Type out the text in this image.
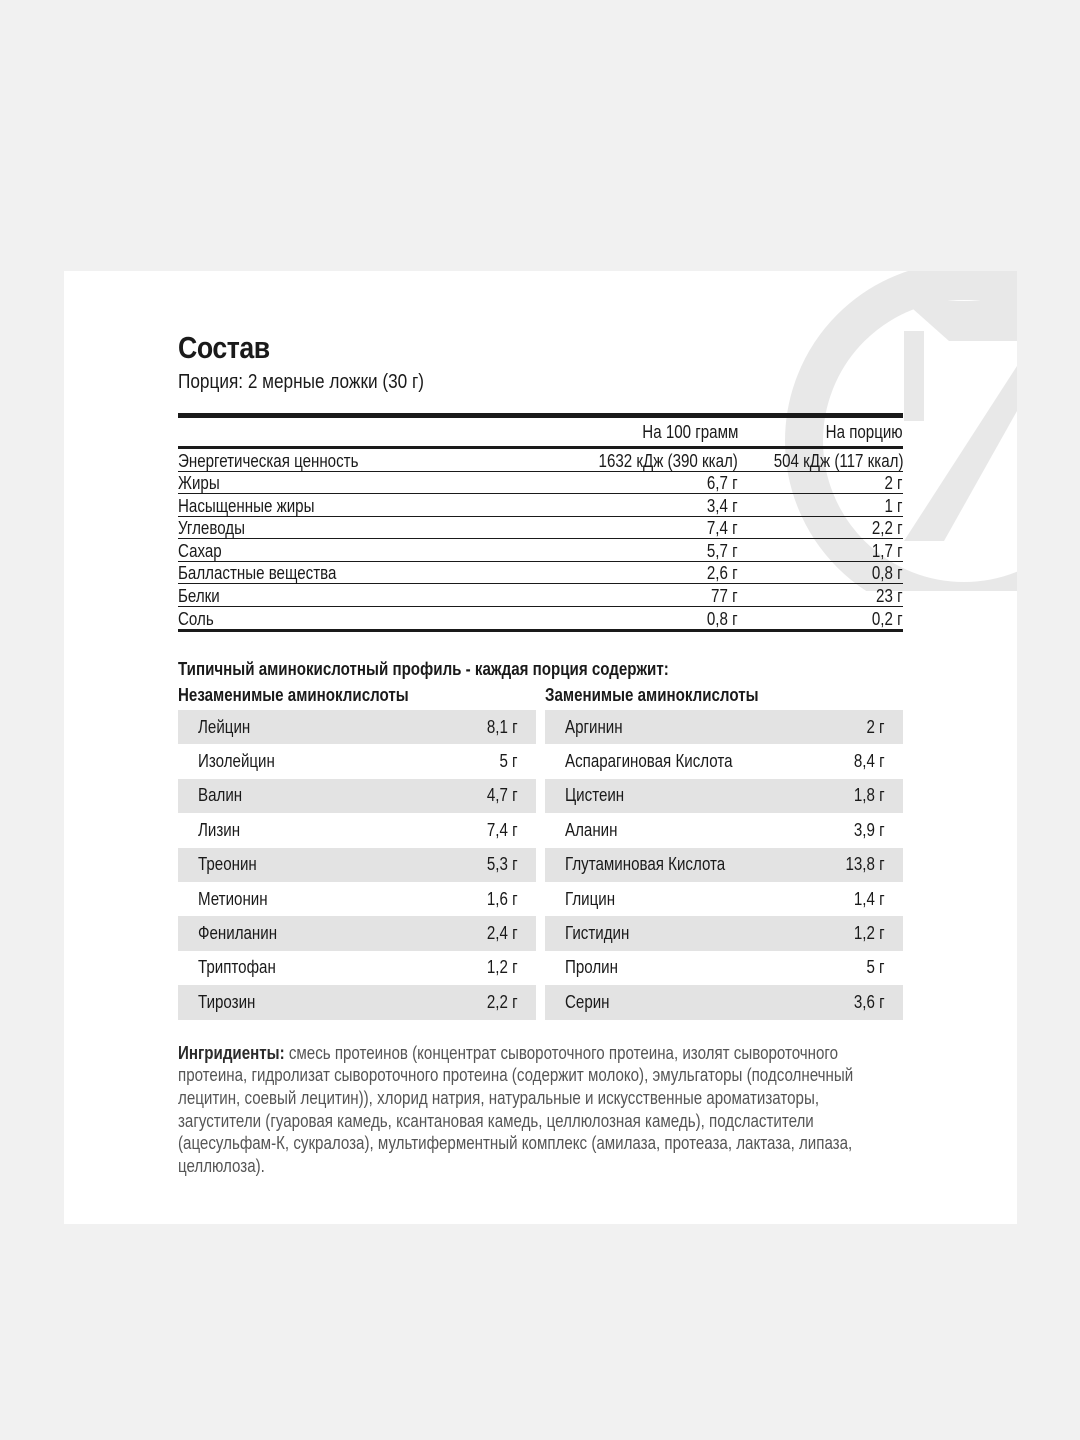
Состав
Порция: 2 мерные ложки (30 г)
На 100 грамм	На порцию
Энергетическая ценность	1632 кДж (390 ккал)	504 кДж (117 ккал)
Жиры	6,7 г	2 г
Насыщенные жиры	3,4 г	1 г
Углеводы	7,4 г	2,2 г
Сахар	5,7 г	1,7 г
Балластные вещества	2,6 г	0,8 г
Белки	77 г	23 г
Соль	0,8 г	0,2 г
Типичный аминокислотный профиль - каждая порция содержит:
Незаменимые аминоклислоты
Лейцин	8,1 г
Изолейцин	5 г
Валин	4,7 г
Лизин	7,4 г
Треонин	5,3 г
Метионин	1,6 г
Фениланин	2,4 г
Триптофан	1,2 г
Тирозин	2,2 г
Заменимые аминоклислоты
Аргинин	2 г
Аспарагиновая Кислота	8,4 г
Цистеин	1,8 г
Аланин	3,9 г
Глутаминовая Кислота	13,8 г
Глицин	1,4 г
Гистидин	1,2 г
Пролин	5 г
Серин	3,6 г
Ингридиенты: смесь протеинов (концентрат сывороточного протеина, изолят сывороточного протеина, гидролизат сывороточного протеина (содержит молоко), эмульгаторы (подсолнечный лецитин, соевый лецитин)), хлорид натрия, натуральные и искусственные ароматизаторы, загустители (гуаровая камедь, ксантановая камедь, целлюлозная камедь), подсластители (ацесульфам-К, сукралоза), мультиферментный комплекс (амилаза, протеаза, лактаза, липаза, целлюлоза).
